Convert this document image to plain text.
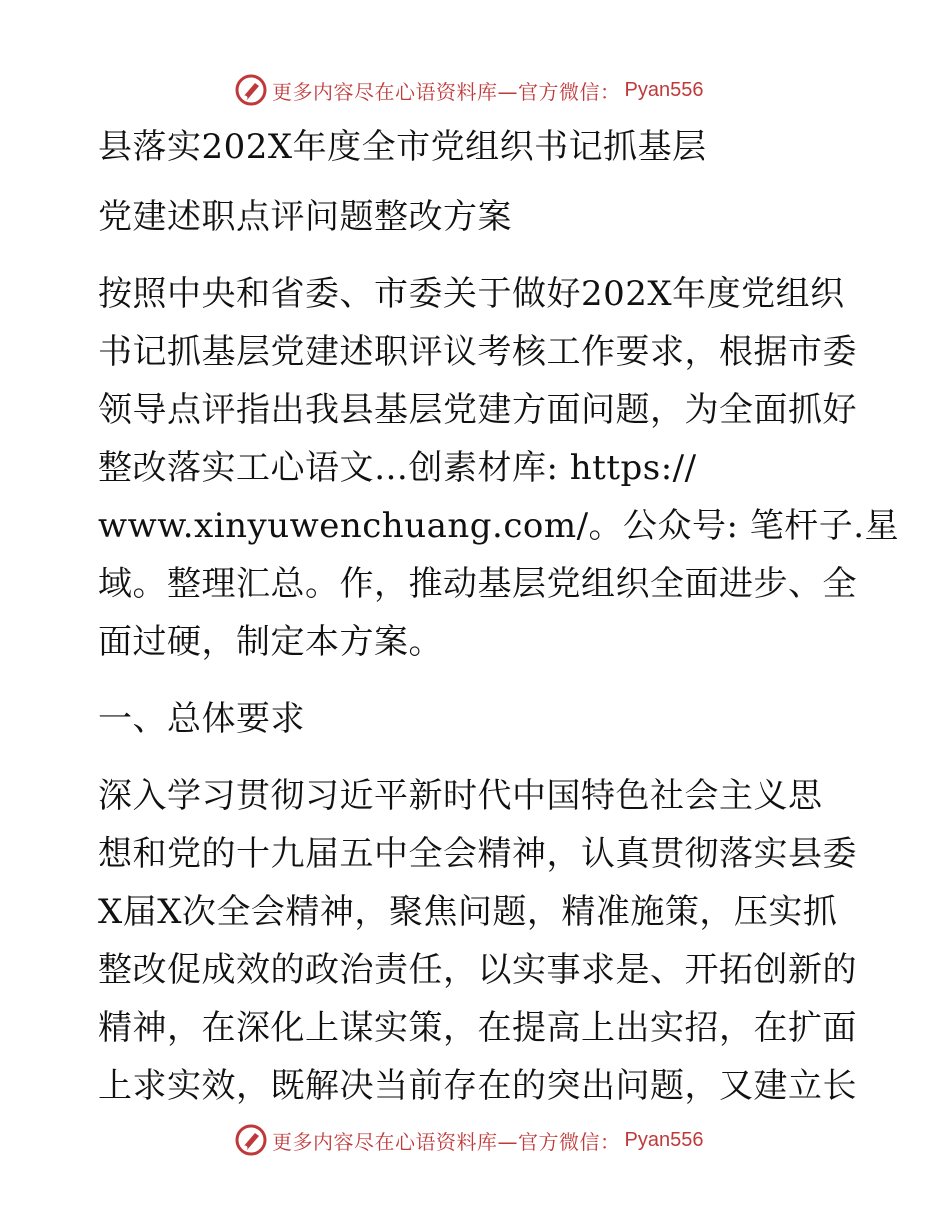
更多内容尽在心语资料库—官方微信： Pyan556
县落实202X年度全市党组织书记抓基层
党建述职点评问题整改方案
按照中央和省委、市委关于做好202X年度党组织
书记抓基层党建述职评议考核工作要求，根据市委
领导点评指出我县基层党建方面问题，为全面抓好
整改落实工心语文…创素材库: https://
www.xinyuwenchuang.com/。公众号: 笔杆子.星
域。整理汇总。作，推动基层党组织全面进步、全
面过硬，制定本方案。
一、总体要求
深入学习贯彻习近平新时代中国特色社会主义思
想和党的十九届五中全会精神，认真贯彻落实县委
X届X次全会精神，聚焦问题，精准施策，压实抓
整改促成效的政治责任，以实事求是、开拓创新的
精神，在深化上谋实策，在提高上出实招，在扩面
上求实效，既解决当前存在的突出问题，又建立长
更多内容尽在心语资料库—官方微信： Pyan556
